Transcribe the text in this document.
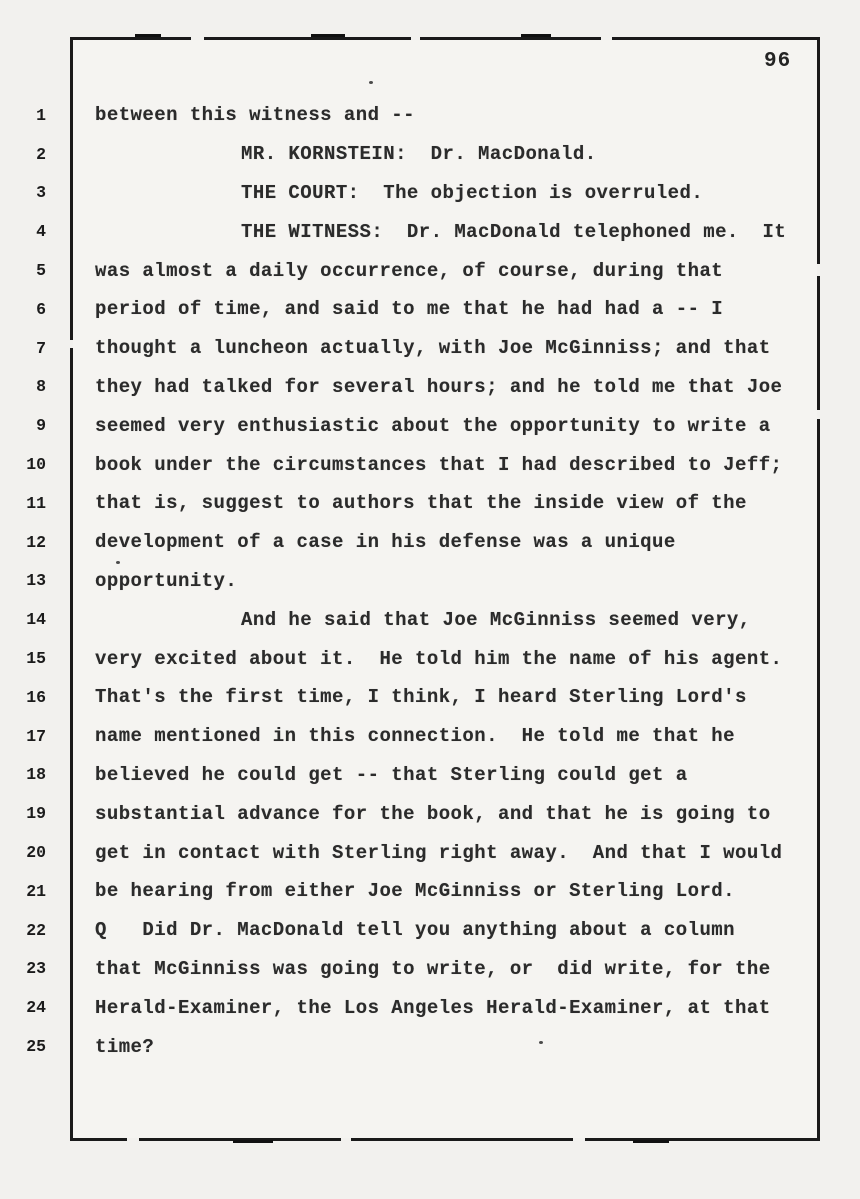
96
1	between this witness and --
2	MR. KORNSTEIN:  Dr. MacDonald.
3	THE COURT:  The objection is overruled.
4	THE WITNESS:  Dr. MacDonald telephoned me.  It
5	was almost a daily occurrence, of course, during that
6	period of time, and said to me that he had had a -- I
7	thought a luncheon actually, with Joe McGinniss; and that
8	they had talked for several hours; and he told me that Joe
9	seemed very enthusiastic about the opportunity to write a
10	book under the circumstances that I had described to Jeff;
11	that is, suggest to authors that the inside view of the
12	development of a case in his defense was a unique
13	opportunity.
14	And he said that Joe McGinniss seemed very,
15	very excited about it.  He told him the name of his agent.
16	That's the first time, I think, I heard Sterling Lord's
17	name mentioned in this connection.  He told me that he
18	believed he could get -- that Sterling could get a
19	substantial advance for the book, and that he is going to
20	get in contact with Sterling right away.  And that I would
21	be hearing from either Joe McGinniss or Sterling Lord.
22	Q   Did Dr. MacDonald tell you anything about a column
23	that McGinniss was going to write, or  did write, for the
24	Herald-Examiner, the Los Angeles Herald-Examiner, at that
25	time?
